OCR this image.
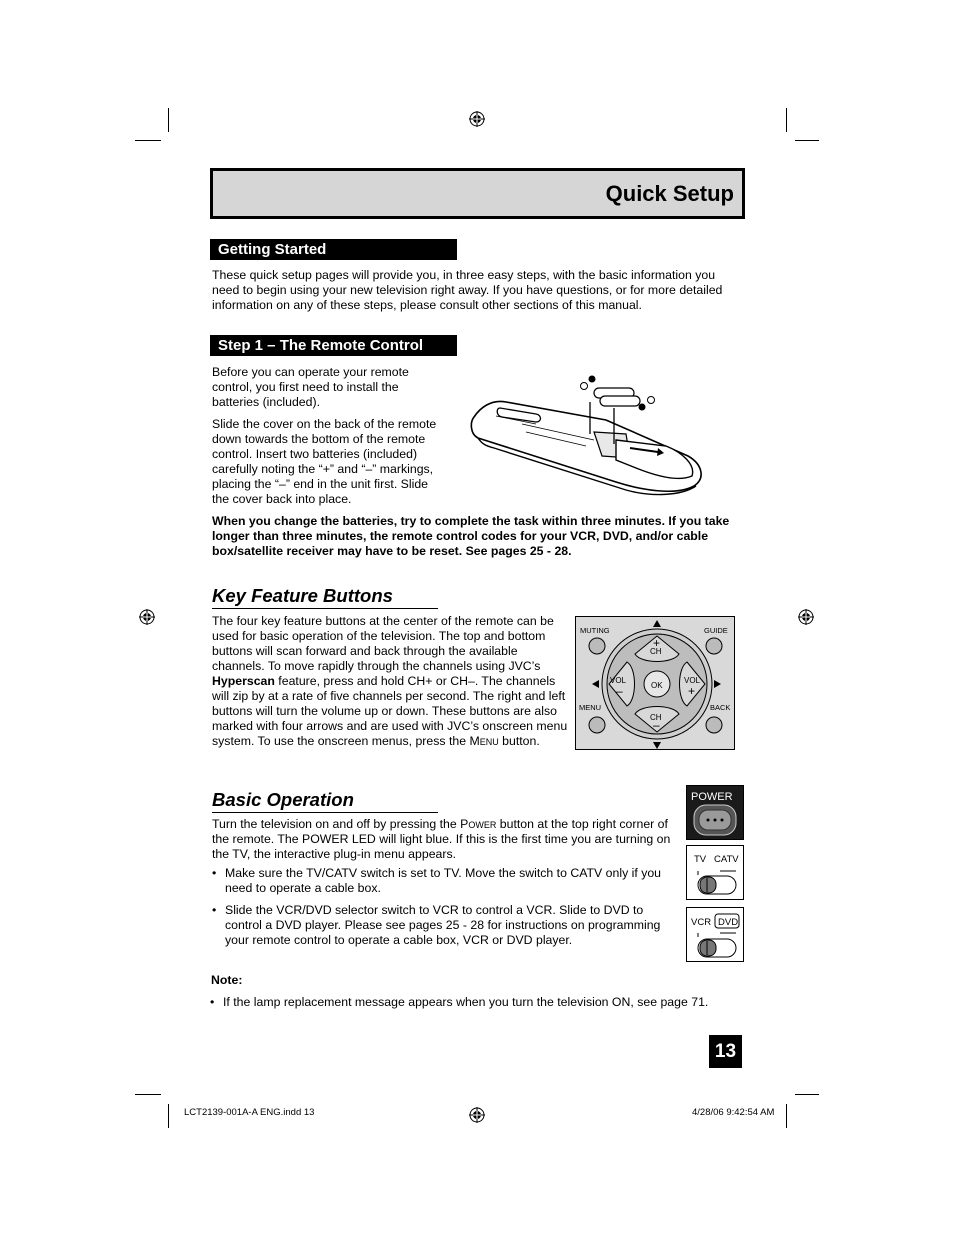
Quick Setup
Getting Started
These quick setup pages will provide you, in three easy steps, with the basic information you need to begin using your new television right away. If you have questions, or for more detailed information on any of these steps, please consult other sections of this manual.
Step 1 – The Remote Control

Before you can operate your remote control, you first need to install the batteries (included).

Slide the cover on the back of the remote down towards the bottom of the remote control. Insert two batteries (included) carefully noting the “+” and “–” markings, placing the “–” end in the unit first. Slide the cover back into place.

When you change the batteries, try to complete the task within three minutes. If you take longer than three minutes, the remote control codes for your VCR, DVD, and/or cable box/satellite receiver may have to be reset. See pages 25 - 28.
Key Feature Buttons
The four key feature buttons at the center of the remote can be used for basic operation of the television. The top and bottom buttons will scan forward and back through the available channels. To move rapidly through the channels using JVC’s Hyperscan feature, press and hold CH+ or CH–. The channels will zip by at a rate of five channels per second. The right and left buttons will turn the volume up or down. These buttons are also marked with four arrows and are used with JVC’s onscreen menu system. To use the onscreen menus, press the Menu button.
MUTING	GUIDE
MENU	BACK
OK
+
CH
CH
–
VOL
–
VOL
+
Basic Operation

Turn the television on and off by pressing the Power button at the top right corner of the remote. The POWER LED will light blue. If this is the first time you are turning on the TV, the interactive plug-in menu appears.

• Make sure the TV/CATV switch is set to TV. Move the switch to CATV only if you need to operate a cable box.

• Slide the VCR/DVD selector switch to VCR to control a VCR. Slide to DVD to control a DVD player. Please see pages 25 - 28 for instructions on programming your remote control to operate a cable box, VCR or DVD player.

POWER
TV CATV
VCR DVD
Note:
• If the lamp replacement message appears when you turn the television ON, see page 71.
13
LCT2139-001A-A ENG.indd 13	4/28/06 9:42:54 AM
